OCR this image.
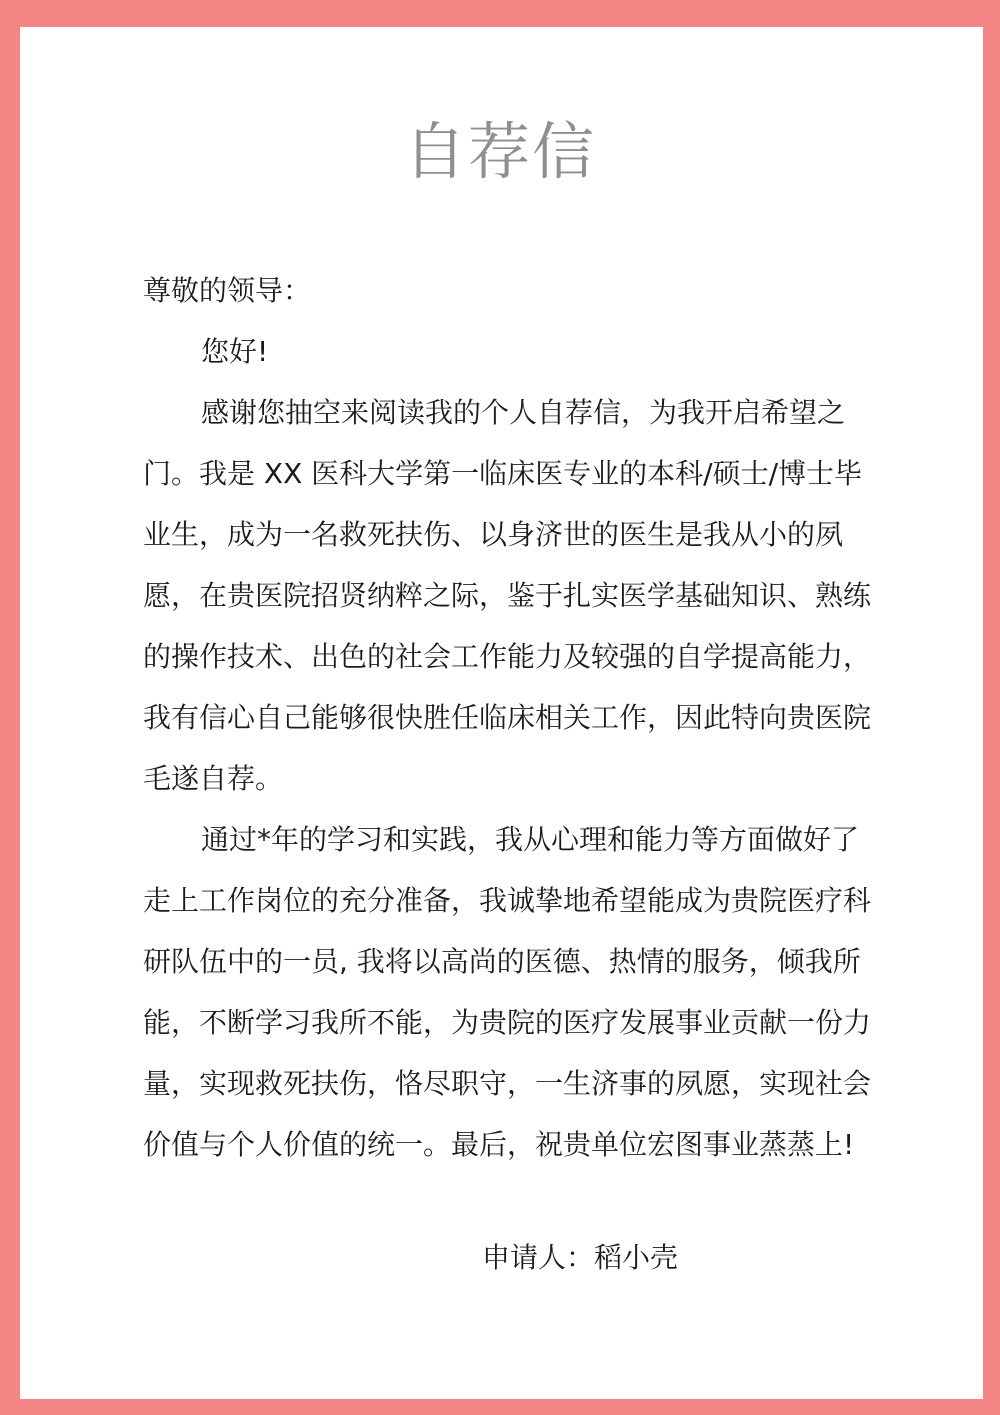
自荐信

尊敬的领导：

您好!

感谢您抽空来阅读我的个人自荐信，为我开启希望之门。我是 XX 医科大学第一临床医专业的本科/硕士/博士毕业生，成为一名救死扶伤、以身济世的医生是我从小的夙愿，在贵医院招贤纳粹之际，鉴于扎实医学基础知识、熟练的操作技术、出色的社会工作能力及较强的自学提高能力，我有信心自己能够很快胜任临床相关工作，因此特向贵医院毛遂自荐。

通过*年的学习和实践，我从心理和能力等方面做好了走上工作岗位的充分准备，我诚挚地希望能成为贵院医疗科研队伍中的一员, 我将以高尚的医德、热情的服务，倾我所能，不断学习我所不能，为贵院的医疗发展事业贡献一份力量，实现救死扶伤，恪尽职守，一生济事的夙愿，实现社会价值与个人价值的统一。最后，祝贵单位宏图事业蒸蒸上!

申请人：稻小壳
